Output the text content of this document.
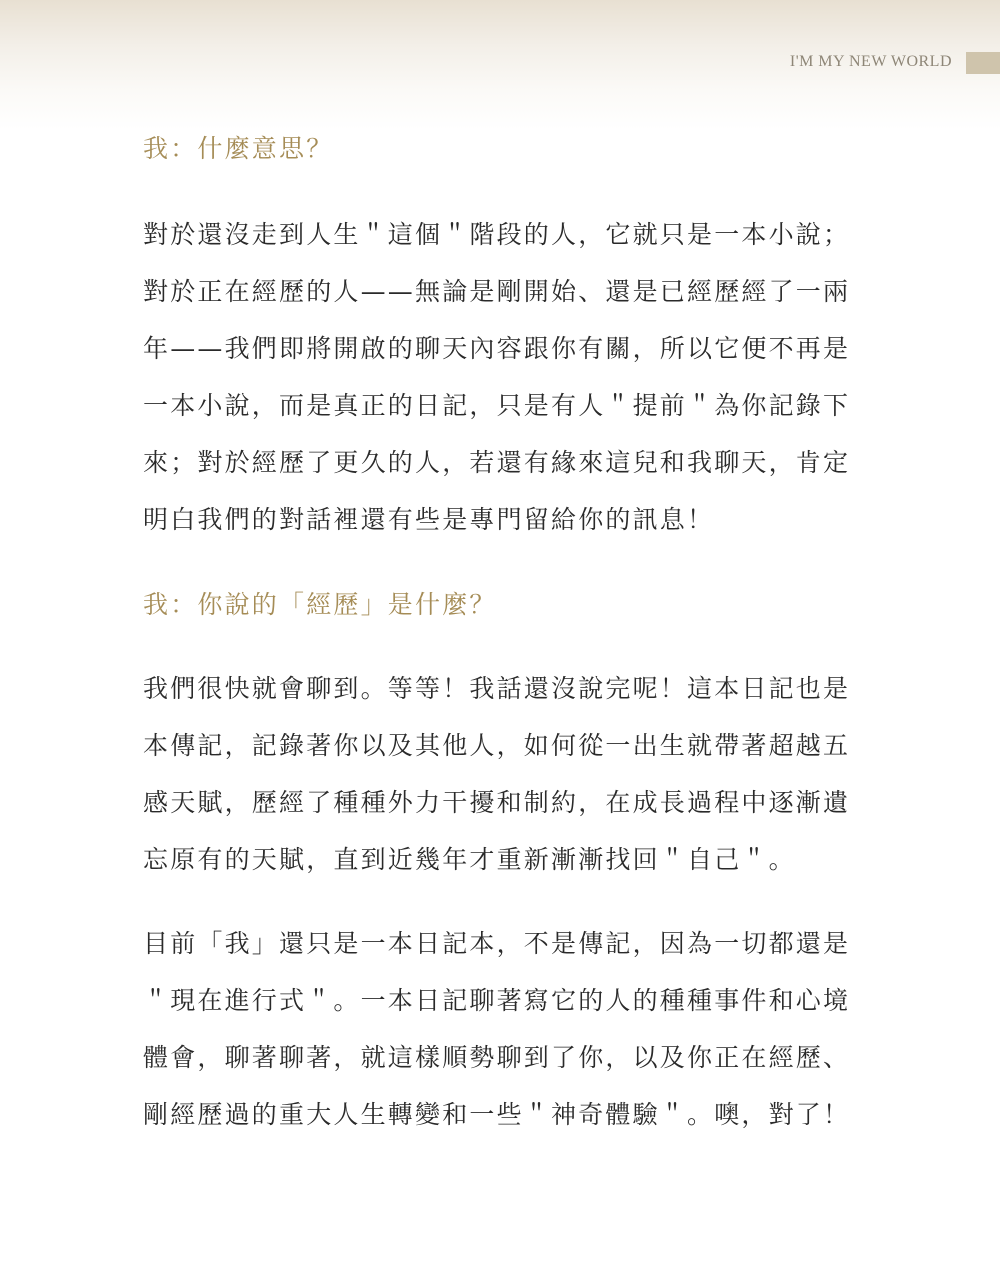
I'M MY NEW WORLD
我：什麼意思？
對於還沒走到人生＂這個＂階段的人，它就只是一本小說；
對於正在經歷的人——無論是剛開始、還是已經歷經了一兩
年——我們即將開啟的聊天內容跟你有關，所以它便不再是
一本小說，而是真正的日記，只是有人＂提前＂為你記錄下
來；對於經歷了更久的人，若還有緣來這兒和我聊天，肯定
明白我們的對話裡還有些是專門留給你的訊息！
我：你說的「經歷」是什麼？
我們很快就會聊到。等等！我話還沒說完呢！這本日記也是
本傳記，記錄著你以及其他人，如何從一出生就帶著超越五
感天賦，歷經了種種外力干擾和制約，在成長過程中逐漸遺
忘原有的天賦，直到近幾年才重新漸漸找回＂自己＂。
目前「我」還只是一本日記本，不是傳記，因為一切都還是
＂現在進行式＂。一本日記聊著寫它的人的種種事件和心境
體會，聊著聊著，就這樣順勢聊到了你，以及你正在經歷、
剛經歷過的重大人生轉變和一些＂神奇體驗＂。噢，對了！
